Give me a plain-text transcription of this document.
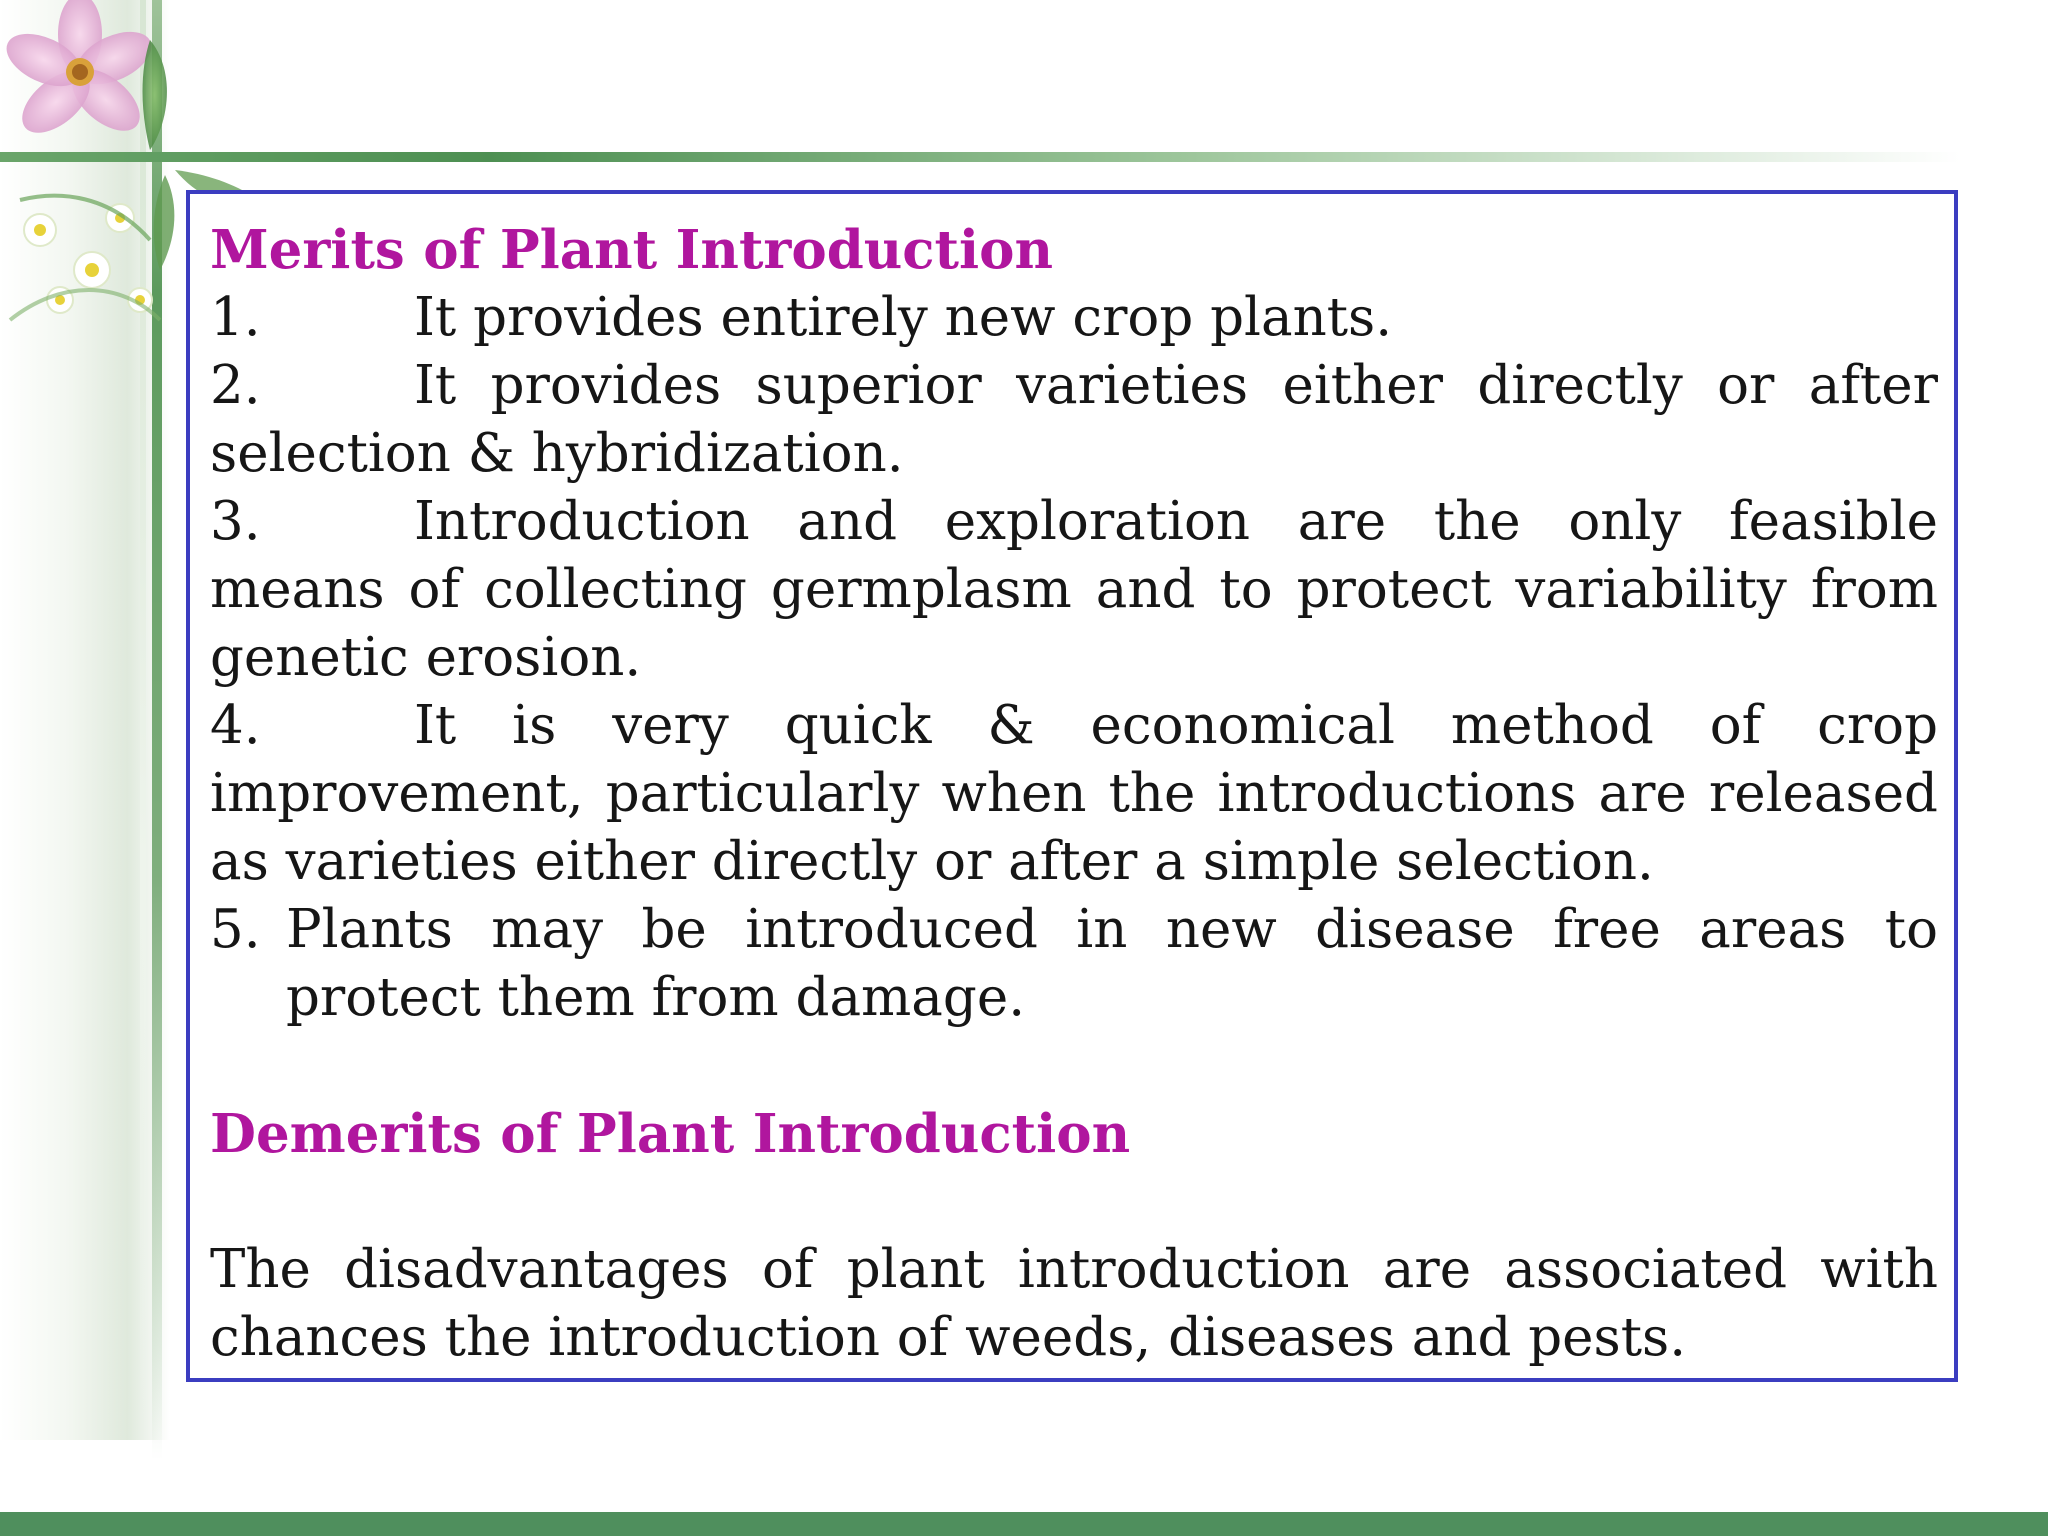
Merits of Plant Introduction

1.	It provides entirely new crop plants.

2.	It provides superior varieties either directly or after selection & hybridization.

3.	Introduction and exploration are the only feasible means of collecting germplasm and to protect variability from genetic erosion.

4.	It is very quick & economical method of crop improvement, particularly when the introductions are released as varieties either directly or after a simple selection.

5. Plants may be introduced in new disease free areas to protect them from damage.

Demerits of Plant Introduction

The disadvantages of plant introduction are associated with chances the introduction of weeds, diseases and pests.
